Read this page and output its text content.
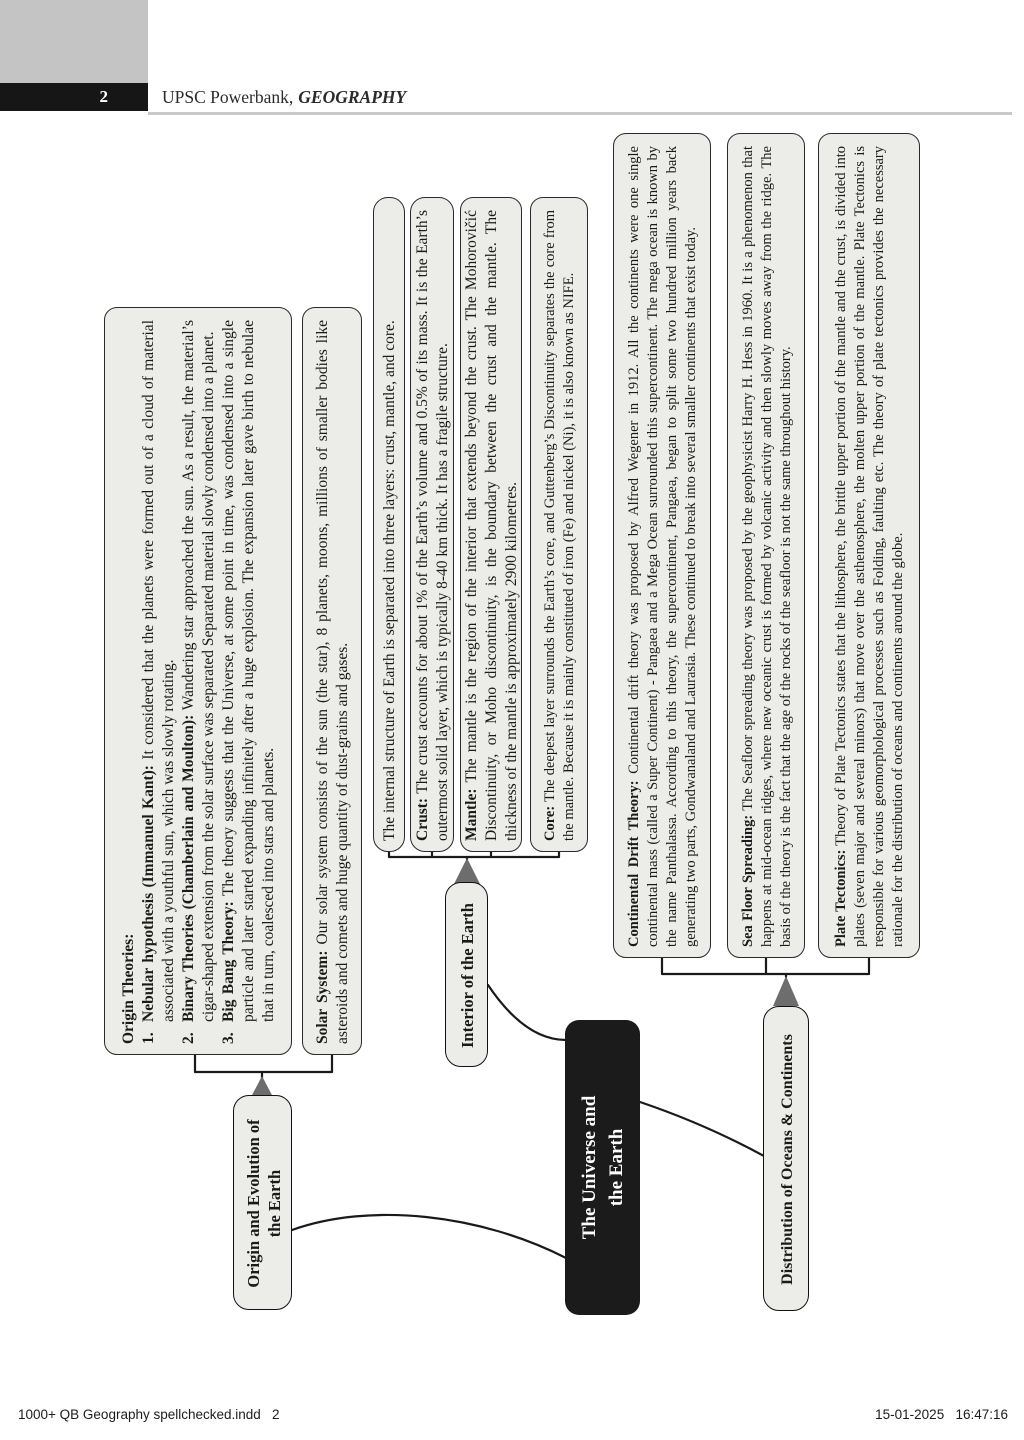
2	UPSC Powerbank, GEOGRAPHY

Origin Theories: 1.

Nebular hypothesis (Immanuel Kant): It considered that the planets were formed out of a cloud of material associated with a youthful sun, which was slowly rotating.

2.

Binary Theories (Chamberlain and Moulton): Wandering star approached the sun. As a result, the material’s cigar-shaped extension from the solar surface was separated Separated material slowly condensed into a planet.

3.

Big Bang Theory: The theory suggests that the Universe, at some point in time, was condensed into a single particle and later started expanding infinitely after a huge explosion. The expansion later gave birth to nebulae that in turn, coalesced into stars and planets. Solar System: Our solar system consists of the sun (the star), 8 planets, moons, millions of smaller bodies like asteroids and comets and huge quantity of dust-grains and gases.

The internal structure of Earth is separated into three layers: crust, mantle, and core. Crust: The crust accounts for about 1% of the Earth’s volume and 0.5% of its mass. It is the Earth’s outermost solid layer, which is typically 8-40 km thick. It has a fragile structure. Mantle: The mantle is the region of the interior that extends beyond the crust. The Mohorovičić Discontinuity, or Moho discontinuity, is the boundary between the crust and the mantle. The thickness of the mantle is approximately 2900 kilometres. Core: The deepest layer surrounds the Earth’s core, and Guttenberg’s Discontinuity separates the core from the mantle. Because it is mainly constituted of iron (Fe) and nickel (Ni), it is also known as NIFE.

Continental Drift Theory: Continental drift theory was proposed by Alfred Wegener in 1912. All the continents were one single continental mass (called a Super Continent) - Pangaea and a Mega Ocean surrounded this supercontinent. The mega ocean is known by the name Panthalassa. According to this theory, the supercontinent, Pangaea, began to split some two hundred million years back generating two parts, Gondwanaland and Laurasia. These continued to break into several smaller continents that exist today.	Sea Floor Spreading: The Seafloor spreading theory was proposed by the geophysicist Harry H. Hess in 1960. It is a phenomenon that happens at mid-ocean ridges, where new oceanic crust is formed by volcanic activity and then slowly moves away from the ridge. The basis of the theory is the fact that the age of the rocks of the seafloor is not the same throughout history.	Plate Tectonics: Theory of Plate Tectonics states that the lithosphere, the brittle upper portion of the mantle and the crust, is divided into plates (seven major and several minors) that move over the asthenosphere, the molten upper portion of the mantle. Plate Tectonics is responsible for various geomorphological processes such as Folding, faulting etc. The theory of plate tectonics provides the necessary rationale for the distribution of oceans and continents around the globe.

Origin and Evolution of the Earth

Interior of the Earth

The Universe and the Earth	Distribution of Oceans & Continents

1000+ QB Geography spellchecked.indd   2	15-01-2025   16:47:16
